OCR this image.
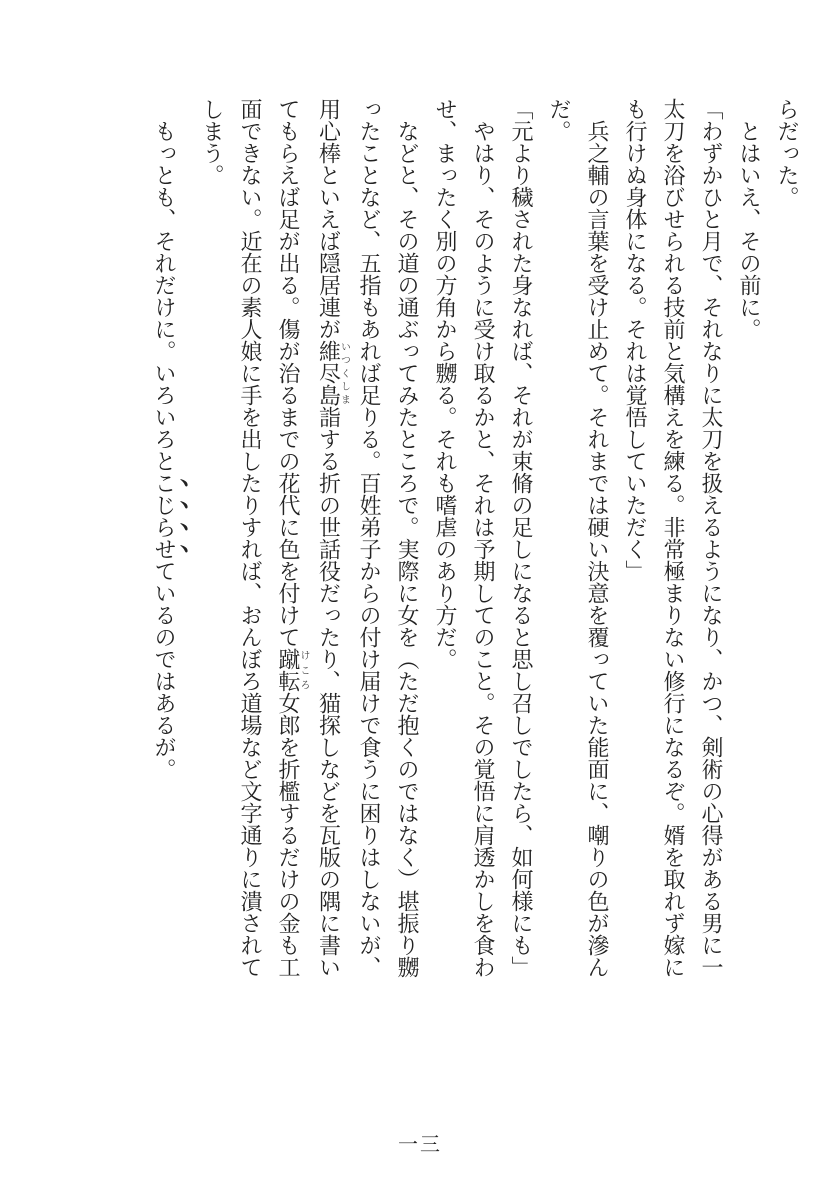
らだった。
　とはいえ、その前に。
「わずかひと月で、それなりに太刀を扱えるようになり、かつ、剣術の心得がある男に一
太刀を浴びせられる技前と気構えを練る。非常極まりない修行になるぞ。婿を取れず嫁に
も行けぬ身体になる。それは覚悟していただく」
　兵之輔の言葉を受け止めて。それまでは硬い決意を覆っていた能面に、嘲りの色が滲ん
だ。
「元より穢された身なれば、それが束脩の足しになると思し召しでしたら、如何様にも」
　やはり、そのように受け取るかと、それは予期してのこと。その覚悟に肩透かしを食わ
せ、まったく別の方角から嬲る。それも嗜虐のあり方だ。
　などと、その道の通ぶってみたところで。実際に女を（ただ抱くのではなく）堪振り嬲
ったことなど、五指もあれば足りる。百姓弟子からの付け届けで食うに困りはしないが、
用心棒といえば隠居連が維尽島いつくしま詣する折の世話役だったり、猫探しなどを瓦版の隅に書い
てもらえば足が出る。傷が治るまでの花代に色を付けて蹴転けころ女郎を折檻するだけの金も工
面できない。近在の素人娘に手を出したりすれば、おんぼろ道場など文字通りに潰されて
しまう。
　もっとも、それだけに。いろいろとこじらせているのではあるが。
一三
